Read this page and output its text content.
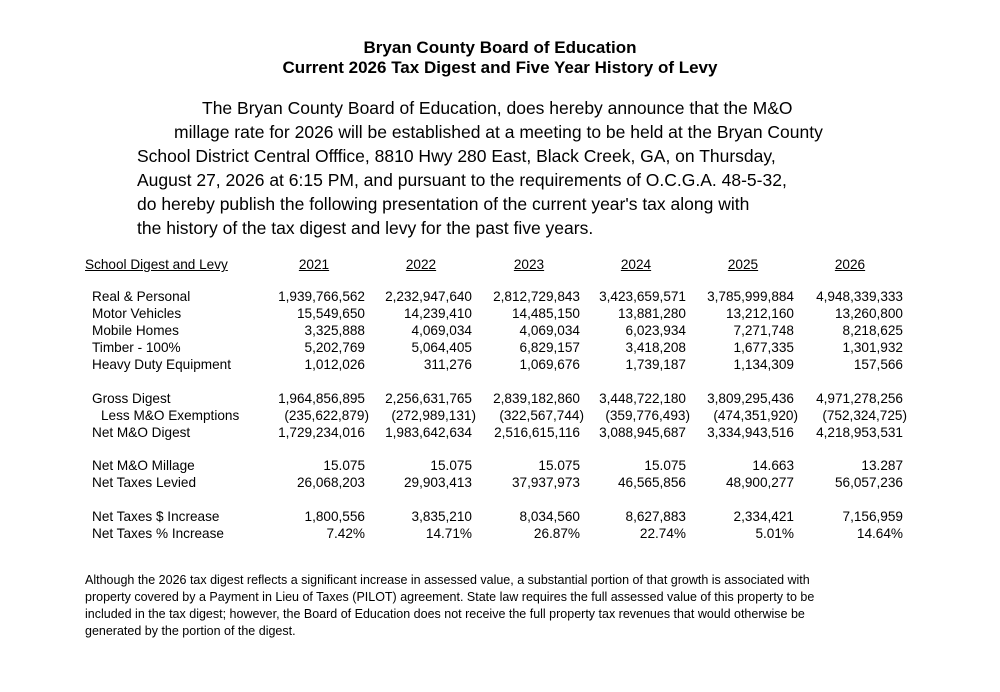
Bryan County Board of Education
Current 2026 Tax Digest and Five Year History of Levy
The Bryan County Board of Education, does hereby announce that the M&O
millage rate for 2026 will be established at a meeting to be held at the Bryan County
School District Central Offfice, 8810 Hwy 280 East, Black Creek, GA, on Thursday,
August 27, 2026 at 6:15 PM, and pursuant to the requirements of O.C.G.A. 48-5-32,
do hereby publish the following presentation of the current year's tax along with
the history of the tax digest and levy for the past five years.
School Digest and Levy	2021	2022	2023	2024	2025	2026
Real & Personal	1,939,766,562	2,232,947,640	2,812,729,843	3,423,659,571	3,785,999,884	4,948,339,333
Motor Vehicles	15,549,650	14,239,410	14,485,150	13,881,280	13,212,160	13,260,800
Mobile Homes	3,325,888	4,069,034	4,069,034	6,023,934	7,271,748	8,218,625
Timber - 100%	5,202,769	5,064,405	6,829,157	3,418,208	1,677,335	1,301,932
Heavy Duty Equipment	1,012,026	311,276	1,069,676	1,739,187	1,134,309	157,566
Gross Digest	1,964,856,895	2,256,631,765	2,839,182,860	3,448,722,180	3,809,295,436	4,971,278,256
Less M&O Exemptions	(235,622,879)	(272,989,131)	(322,567,744)	(359,776,493)	(474,351,920)	(752,324,725)
Net M&O Digest	1,729,234,016	1,983,642,634	2,516,615,116	3,088,945,687	3,334,943,516	4,218,953,531
Net M&O Millage	15.075	15.075	15.075	15.075	14.663	13.287
Net Taxes Levied	26,068,203	29,903,413	37,937,973	46,565,856	48,900,277	56,057,236
Net Taxes $ Increase	1,800,556	3,835,210	8,034,560	8,627,883	2,334,421	7,156,959
Net Taxes % Increase	7.42%	14.71%	26.87%	22.74%	5.01%	14.64%
Although the 2026 tax digest reflects a significant increase in assessed value, a substantial portion of that growth is associated with
property covered by a Payment in Lieu of Taxes (PILOT) agreement. State law requires the full assessed value of this property to be
included in the tax digest; however, the Board of Education does not receive the full property tax revenues that would otherwise be
generated by the portion of the digest.
